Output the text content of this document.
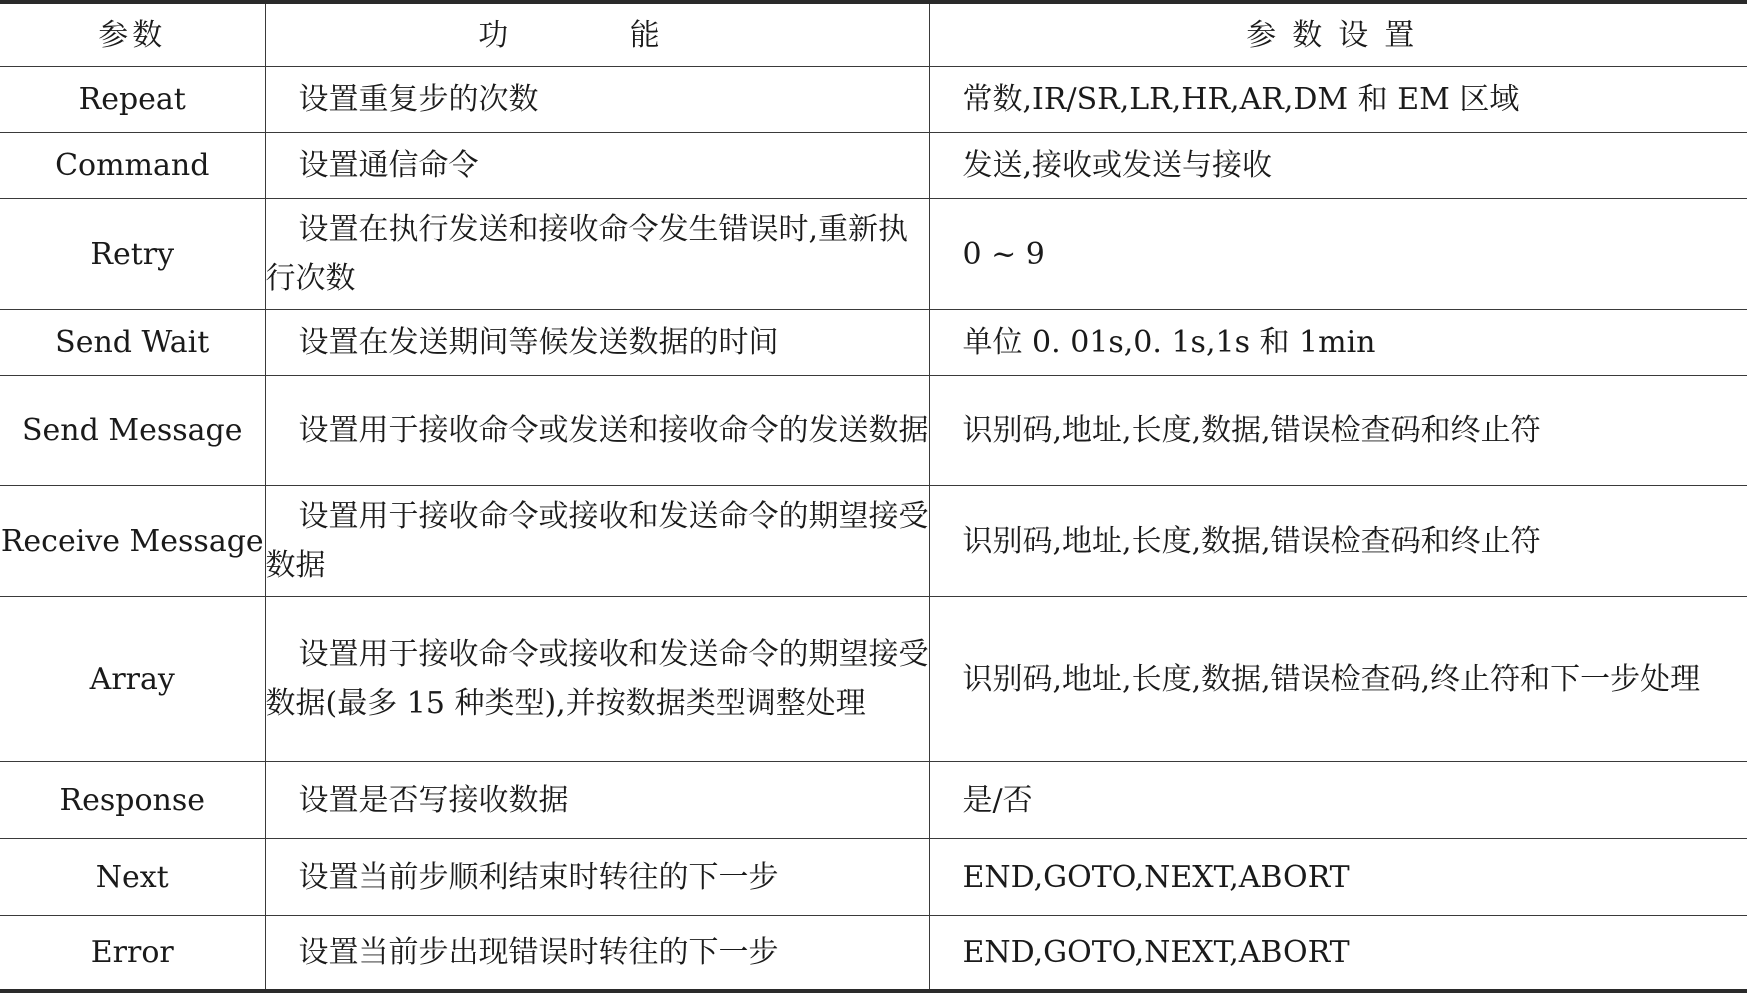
参数	功 能	参数设置
Repeat	设置重复步的次数	常数,IR/SR,LR,HR,AR,DM 和 EM 区域
Command	设置通信命令	发送,接收或发送与接收
Retry	设置在执行发送和接收命令发生错误时,重新执行次数	0 ~ 9
Send Wait	设置在发送期间等候发送数据的时间	单位 0. 01s,0. 1s,1s 和 1min
Send Message	设置用于接收命令或发送和接收命令的发送数据	识别码,地址,长度,数据,错误检查码和终止符
Receive Message	设置用于接收命令或接收和发送命令的期望接受数据	识别码,地址,长度,数据,错误检查码和终止符
Array	设置用于接收命令或接收和发送命令的期望接受数据(最多 15 种类型),并按数据类型调整处理	识别码,地址,长度,数据,错误检查码,终止符和下一步处理
Response	设置是否写接收数据	是/否
Next	设置当前步顺利结束时转往的下一步	END,GOTO,NEXT,ABORT
Error	设置当前步出现错误时转往的下一步	END,GOTO,NEXT,ABORT
